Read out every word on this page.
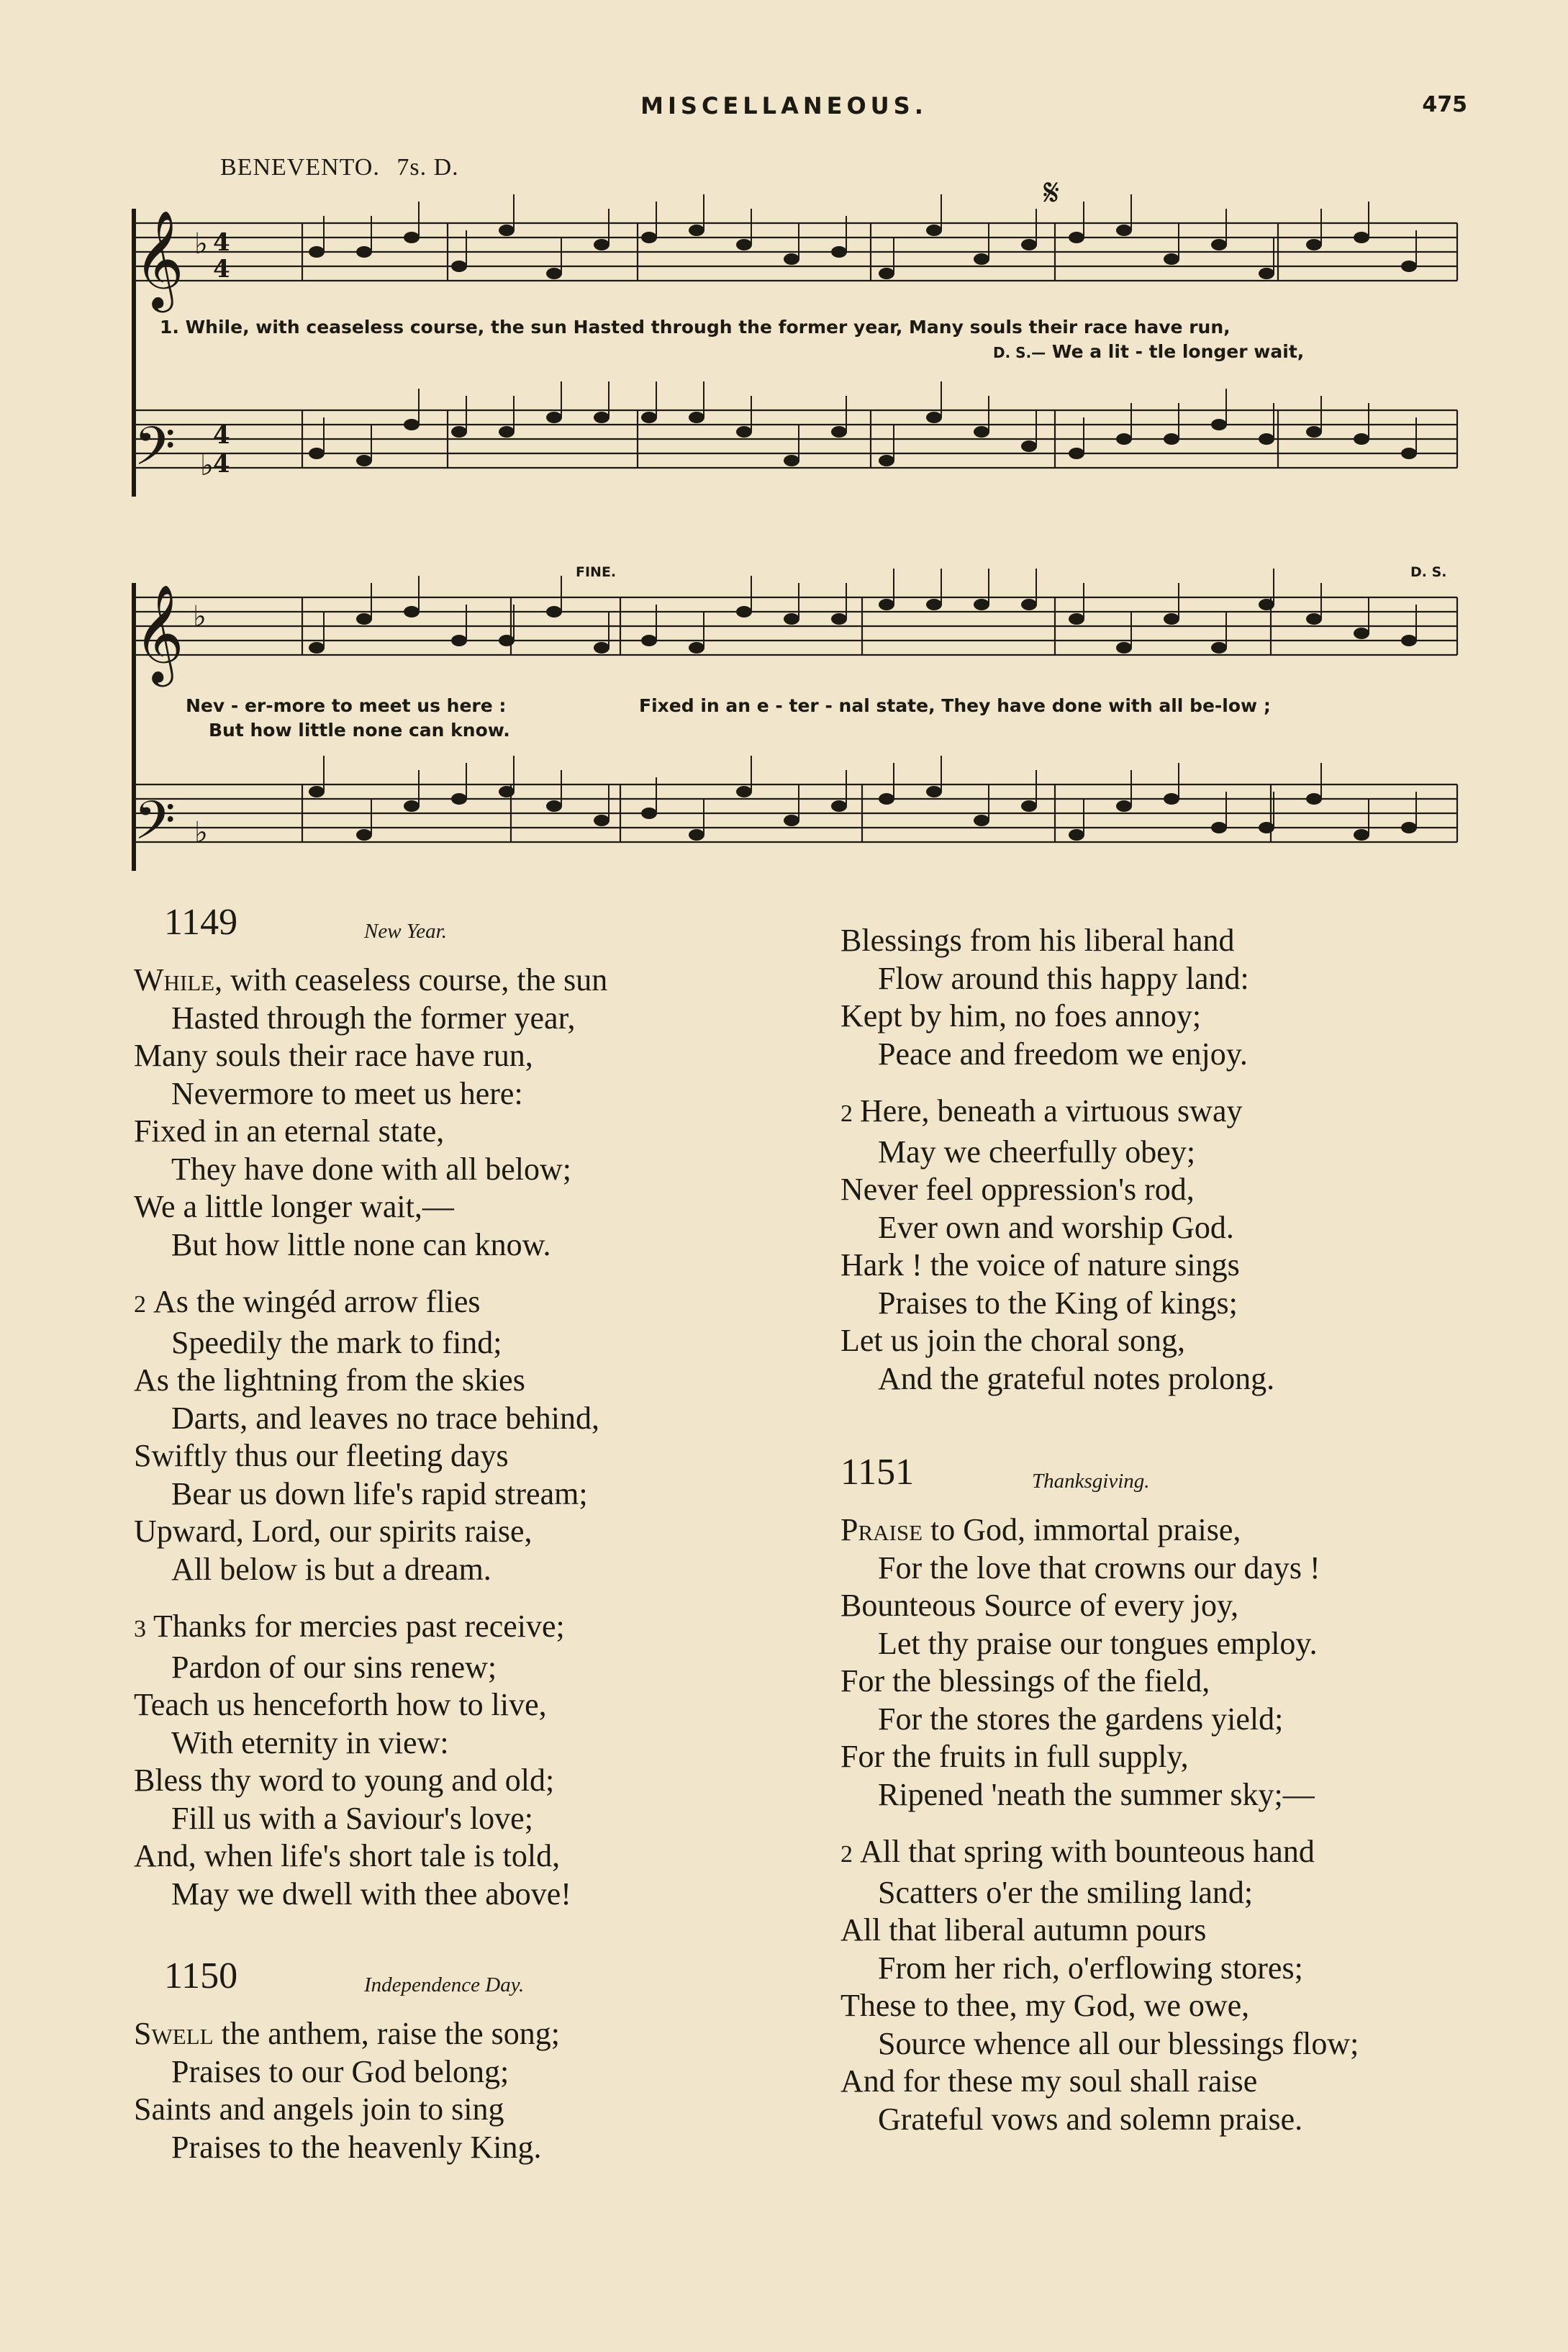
MISCELLANEOUS.	475
BENEVENTO. 7s. D.
𝄞
𝄢
𝄞
𝄢
♭
♭
♭
♭
4
4
4
4
𝄋
FINE.	D. S.
1. While, with ceaseless course, the sun Hasted through the former year, Many souls their race have run,
D. S.— We a lit - tle longer wait,
Nev - er-more to meet us here :	Fixed in an e - ter - nal state, They have done with all be-low ;
But how little none can know.
1149	New Year.
While, with ceaseless course, the sun
Hasted through the former year,
Many souls their race have run,
Nevermore to meet us here:
Fixed in an eternal state,
They have done with all below;
We a little longer wait,—
But how little none can know.
2 As the wingéd arrow flies
Speedily the mark to find;
As the lightning from the skies
Darts, and leaves no trace behind,
Swiftly thus our fleeting days
Bear us down life's rapid stream;
Upward, Lord, our spirits raise,
All below is but a dream.
3 Thanks for mercies past receive;
Pardon of our sins renew;
Teach us henceforth how to live,
With eternity in view:
Bless thy word to young and old;
Fill us with a Saviour's love;
And, when life's short tale is told,
May we dwell with thee above!
1150	Independence Day.
Swell the anthem, raise the song;
Praises to our God belong;
Saints and angels join to sing
Praises to the heavenly King.
Blessings from his liberal hand
Flow around this happy land:
Kept by him, no foes annoy;
Peace and freedom we enjoy.
2 Here, beneath a virtuous sway
May we cheerfully obey;
Never feel oppression's rod,
Ever own and worship God.
Hark ! the voice of nature sings
Praises to the King of kings;
Let us join the choral song,
And the grateful notes prolong.
1151	Thanksgiving.
Praise to God, immortal praise,
For the love that crowns our days !
Bounteous Source of every joy,
Let thy praise our tongues employ.
For the blessings of the field,
For the stores the gardens yield;
For the fruits in full supply,
Ripened 'neath the summer sky;—
2 All that spring with bounteous hand
Scatters o'er the smiling land;
All that liberal autumn pours
From her rich, o'erflowing stores;
These to thee, my God, we owe,
Source whence all our blessings flow;
And for these my soul shall raise
Grateful vows and solemn praise.
